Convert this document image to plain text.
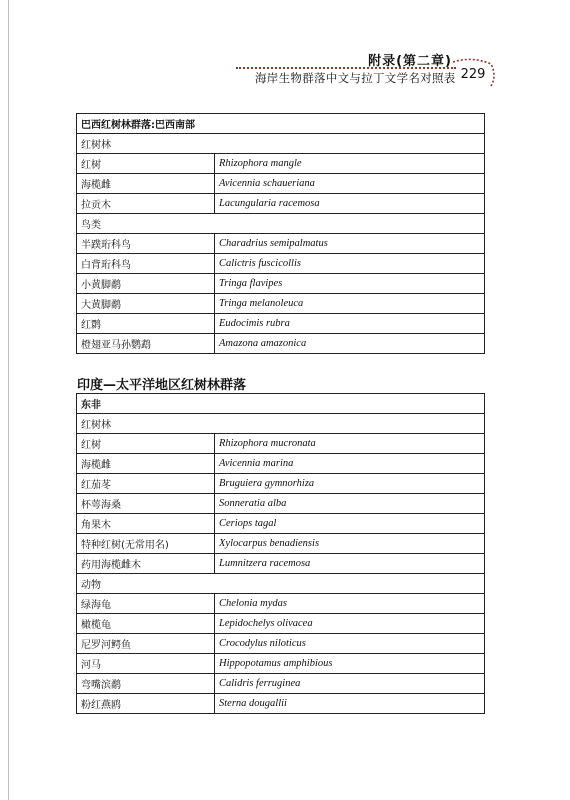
附录(第二章)
海岸生物群落中文与拉丁文学名对照表 229
巴西红树林群落:巴西南部	
红树林	
红树	Rhizophora mangle
海榄雌	Avicennia schaueriana
拉贡木	Lacungularia racemosa
鸟类	
半蹼珩科鸟	Charadrius semipalmatus
白背珩科鸟	Calictris fuscicollis
小黄脚鹬	Tringa flavipes
大黄脚鹬	Tringa melanoleuca
红鹮	Eudocimis rubra
橙翅亚马孙鹦鹉	Amazona amazonica
印度—太平洋地区红树林群落
东非	
红树林	
红树	Rhizophora mucronata
海榄雌	Avicennia marina
红茄苳	Bruguiera gymnorhiza
杯萼海桑	Sonneratia alba
角果木	Ceriops tagal
特种红树(无常用名)	Xylocarpus benadiensis
药用海榄雌木	Lumnitzera racemosa
动物	
绿海龟	Chelonia mydas
橄榄龟	Lepidochelys olivacea
尼罗河鳄鱼	Crocodylus niloticus
河马	Hippopotamus amphibious
弯嘴滨鹬	Calidris ferruginea
粉红燕鸥	Sterna dougallii
